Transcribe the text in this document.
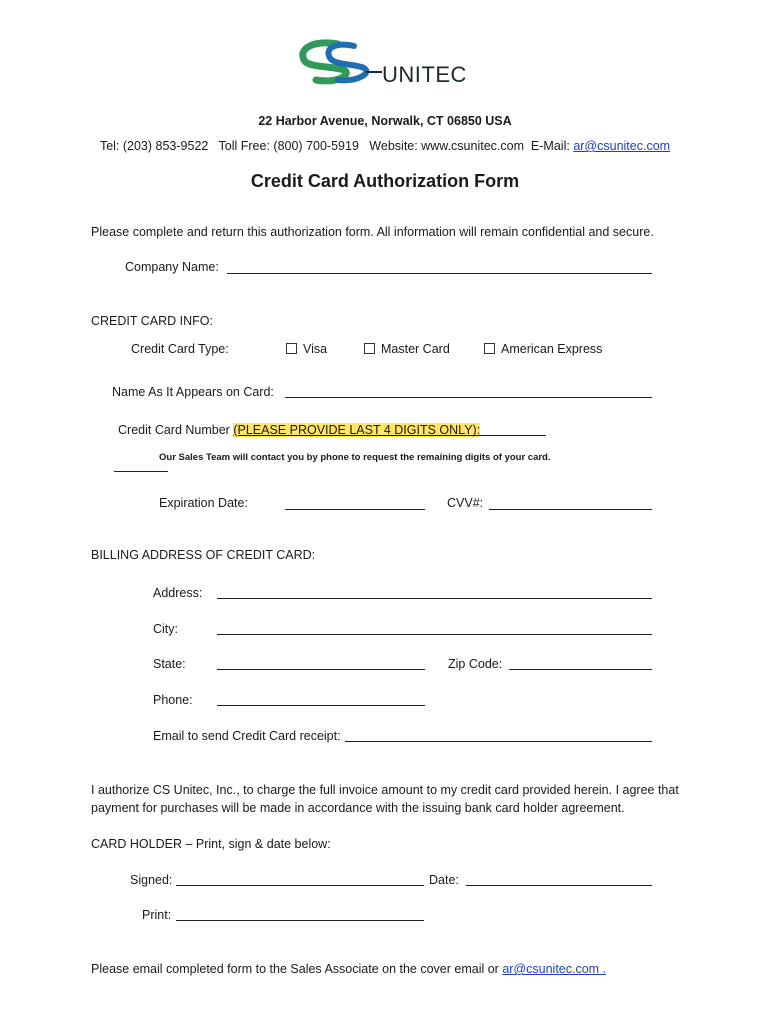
UNITEC
22 Harbor Avenue, Norwalk, CT 06850 USA
Tel: (203) 853-9522   Toll Free: (800) 700-5919   Website: www.csunitec.com  E-Mail: ar@csunitec.com
Credit Card Authorization Form
Please complete and return this authorization form. All information will remain confidential and secure.
Company Name:
CREDIT CARD INFO:
Credit Card Type:	Visa	Master Card	American Express
Name As It Appears on Card:
Credit Card Number (PLEASE PROVIDE LAST 4 DIGITS ONLY):
Our Sales Team will contact you by phone to request the remaining digits of your card.
Expiration Date:	CVV#:
BILLING ADDRESS OF CREDIT CARD:
Address:
City:
State:	Zip Code:
Phone:
Email to send Credit Card receipt:
I authorize CS Unitec, Inc., to charge the full invoice amount to my credit card provided herein. I agree that
payment for purchases will be made in accordance with the issuing bank card holder agreement.
CARD HOLDER – Print, sign & date below:
Signed:	Date:
Print:
Please email completed form to the Sales Associate on the cover email or ar@csunitec.com .
